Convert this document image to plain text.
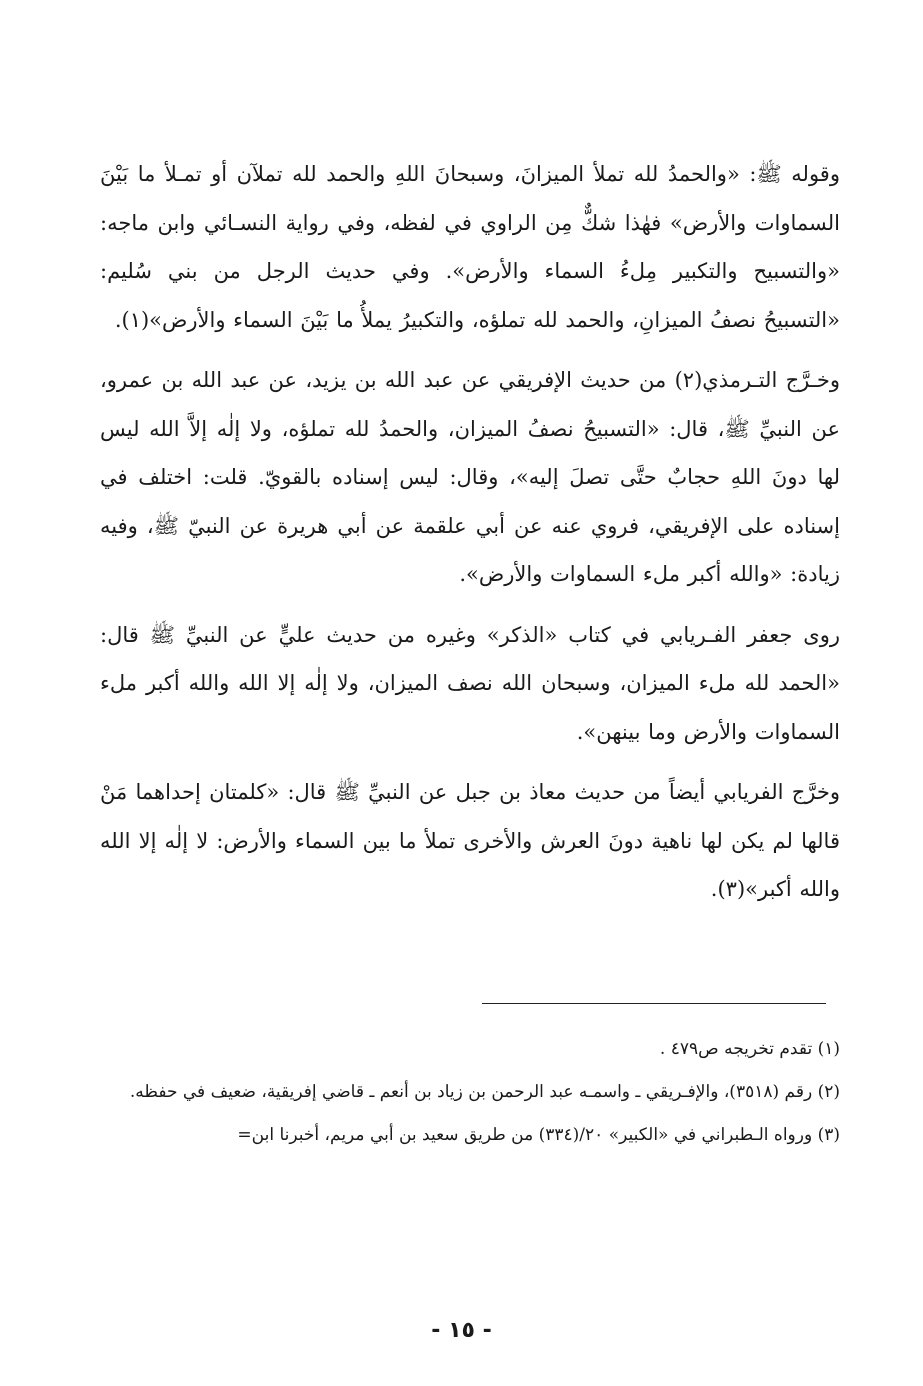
وقوله ﷺ: «والحمدُ لله تملأ الميزانَ، وسبحانَ اللهِ والحمد لله تملآن أو تمـلأ ما بَيْنَ السماوات والأرض» فهٰذا شكٌّ مِن الراوي في لفظه، وفي رواية النسـائي وابن ماجه: «والتسبيح والتكبير مِلءُ السماء والأرض». وفي حديث الرجل من بني سُليم: «التسبيحُ نصفُ الميزانِ، والحمد لله تملؤه، والتكبيرُ يملأُ ما بَيْنَ السماء والأرض»(١).

وخـرَّج التـرمذي(٢) من حديث الإفريقي عن عبد الله بن يزيد، عن عبد الله بن عمرو، عن النبيِّ ﷺ، قال: «التسبيحُ نصفُ الميزان، والحمدُ لله تملؤه، ولا إلٰه إلاَّ الله ليس لها دونَ اللهِ حجابٌ حتَّى تصلَ إليه»، وقال: ليس إسناده بالقويّ. قلت: اختلف في إسناده على الإفريقي، فروي عنه عن أبي علقمة عن أبي هريرة عن النبيّ ﷺ، وفيه زيادة: «والله أكبر ملء السماوات والأرض».

روى جعفر الفـريابي في كتاب «الذكر» وغيره من حديث عليٍّ عن النبيِّ ﷺ قال: «الحمد لله ملء الميزان، وسبحان الله نصف الميزان، ولا إلٰه إلا الله والله أكبر ملء السماوات والأرض وما بينهن».

وخرَّج الفريابي أيضاً من حديث معاذ بن جبل عن النبيِّ ﷺ قال: «كلمتان إحداهما مَنْ قالها لم يكن لها ناهية دونَ العرش والأخرى تملأ ما بين السماء والأرض: لا إلٰه إلا الله والله أكبر»(٣).

(١) تقدم تخريجه ص٤٧٩ .

(٢) رقم (٣٥١٨)، والإفـريقي ـ واسمـه عبد الرحمن بن زياد بن أنعم ـ قاضي إفريقية، ضعيف في حفظه.

(٣) ورواه الـطبراني في «الكبير» ٢٠/(٣٣٤) من طريق سعيد بن أبي مريم، أخبرنا ابن=

- ١٥ -
